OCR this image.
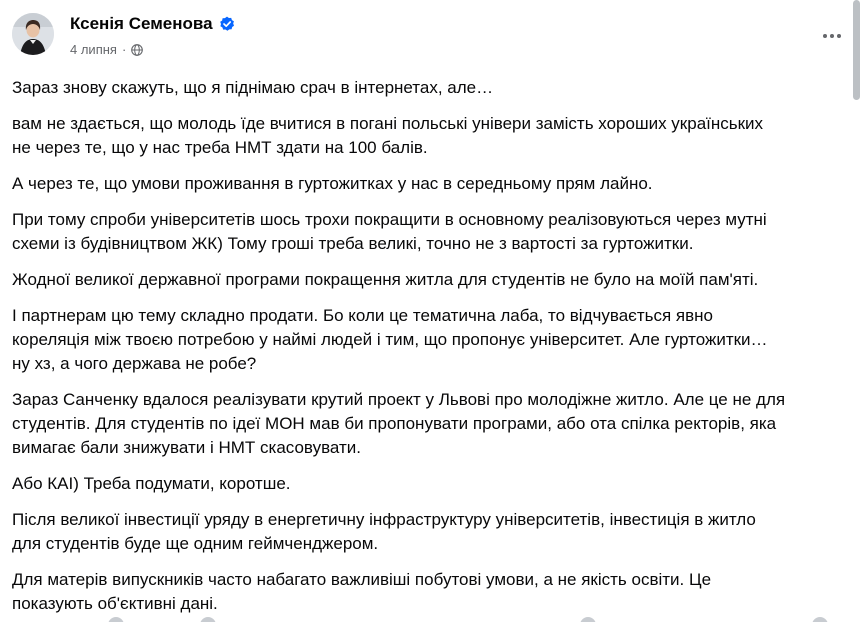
Ксенія Семенова
4 липня ·

Зараз знову скажуть, що я піднімаю срач в інтернетах, але…

вам не здається, що молодь їде вчитися в погані польські універи замість хороших українських
не через те, що у нас треба НМТ здати на 100 балів.

А через те, що умови проживання в гуртожитках у нас в середньому прям лайно.

При тому спроби університетів шось трохи покращити в основному реалізовуються через мутні
схеми із будівництвом ЖК) Тому гроші треба великі, точно не з вартості за гуртожитки.

Жодної великої державної програми покращення житла для студентів не було на моїй пам'яті.

І партнерам цю тему складно продати. Бо коли це тематична лаба, то відчувається явно
кореляція між твоєю потребою у наймі людей і тим, що пропонує університет. Але гуртожитки…
ну хз, а чого держава не робе?

Зараз Санченку вдалося реалізувати крутий проект у Львові про молодіжне житло. Але це не для
студентів. Для студентів по ідеї МОН мав би пропонувати програми, або ота спілка ректорів, яка
вимагає бали знижувати і НМТ скасовувати.

Або КАІ) Треба подумати, коротше.

Після великої інвестиції уряду в енергетичну інфраструктуру університетів, інвестиція в житло
для студентів буде ще одним геймченджером.

Для матерів випускників часто набагато важливіші побутові умови, а не якість освіти. Це
показують об'єктивні дані.
